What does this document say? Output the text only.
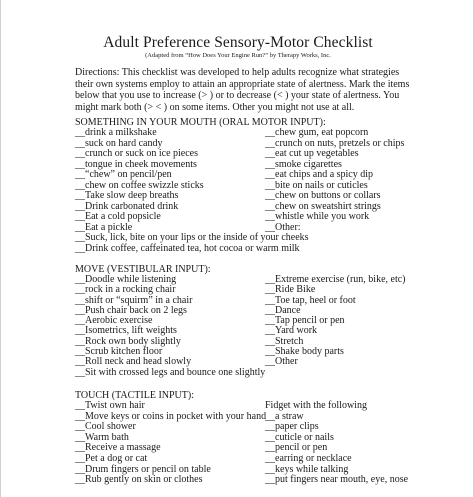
Adult Preference Sensory-Motor Checklist
(Adapted from “How Does Your Engine Run?” by Therapy Works, Inc.

Directions: This checklist was developed to help adults recognize what strategies their own systems employ to attain an appropriate state of alertness. Mark the items below that you use to increase (> ) or to decrease (< ) your state of alertness. You might mark both (> < ) on some items. Other you might not use at all.

SOMETHING IN YOUR MOUTH (ORAL MOTOR INPUT):

__drink a milkshake
__suck on hard candy
__crunch or suck on ice pieces
__tongue in cheek movements
__“chew” on pencil/pen
__chew on coffee swizzle sticks
__Take slow deep breaths
__Drink carbonated drink
__Eat a cold popsicle
__Eat a pickle
__Suck, lick, bite on your lips or the inside of your cheeks
__Drink coffee, caffeinated tea, hot cocoa or warm milk
__chew gum, eat popcorn
__crunch on nuts, pretzels or chips
__eat cut up vegetables
__smoke cigarettes
__eat chips and a spicy dip
__bite on nails or cuticles
__chew on buttons or collars
__chew on sweatshirt strings
__whistle while you work
__Other:

MOVE (VESTIBULAR INPUT):

__Doodle while listening
__rock in a rocking chair
__shift or “squirm” in a chair
__Push chair back on 2 legs
__Aerobic exercise
__Isometrics, lift weights
__Rock own body slightly
__Scrub kitchen floor
__Roll neck and head slowly
__Sit with crossed legs and bounce one slightly
__Extreme exercise (run, bike, etc)
__Ride Bike
__Toe tap, heel or foot
__Dance
__Tap pencil or pen
__Yard work
__Stretch
__Shake body parts
__Other

TOUCH (TACTILE INPUT):

__Twist own hair
__Move keys or coins in pocket with your hand
__Cool shower
__Warm bath
__Receive a massage
__Pet a dog or cat
__Drum fingers or pencil on table
__Rub gently on skin or clothes
Fidget with the following
__a straw
__paper clips
__cuticle or nails
__pencil or pen
__earring or necklace
__keys while talking
__put fingers near mouth, eye, nose
